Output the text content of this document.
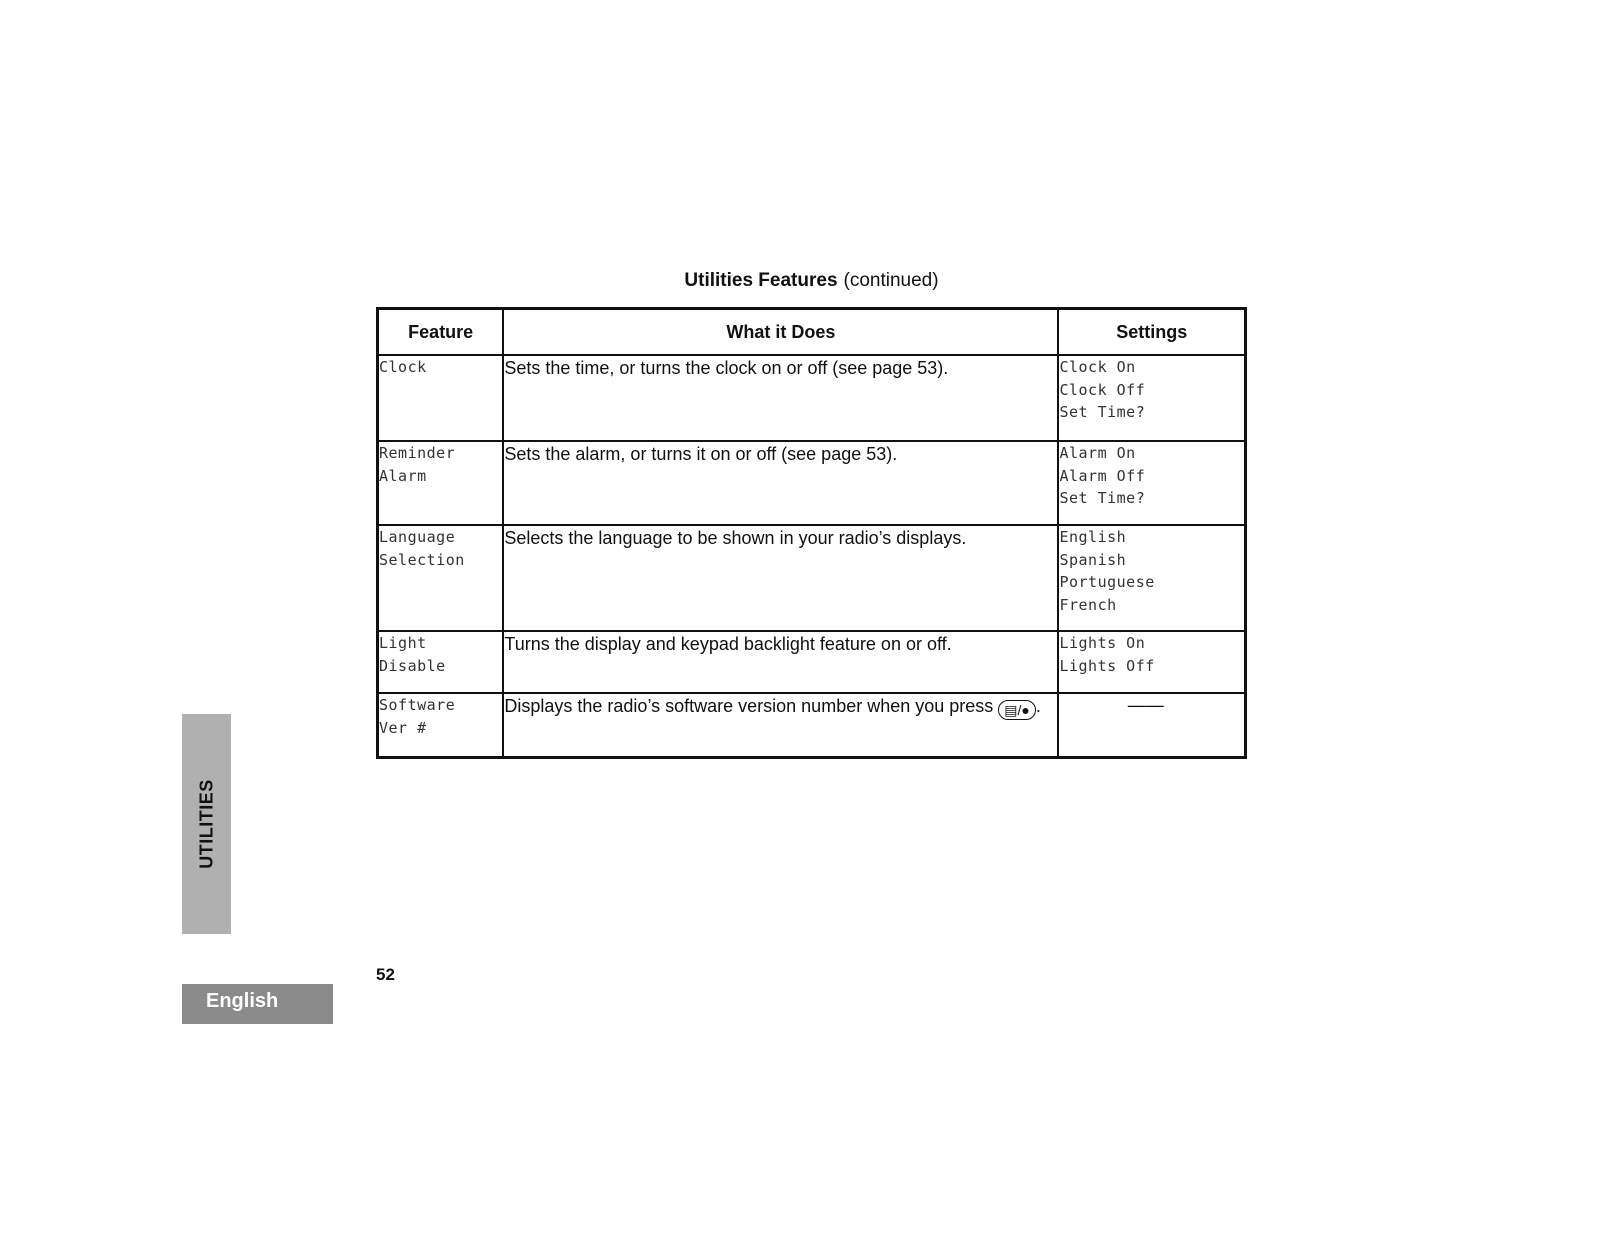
Utilities Features (continued)
Feature	What it Does	Settings

Clock	Sets the time, or turns the clock on or off (see page 53).	Clock On
Clock Off
Set Time?

Reminder
Alarm	Sets the alarm, or turns it on or off (see page 53).	Alarm On
Alarm Off
Set Time?

Language
Selection	Selects the language to be shown in your radio’s displays.	English
Spanish
Portuguese
French

Light
Disable	Turns the display and keypad backlight feature on or off.	Lights On
Lights Off

Software
Ver #	Displays the radio’s software version number when you press ▤/● .	——
UTILITIES
52
English
